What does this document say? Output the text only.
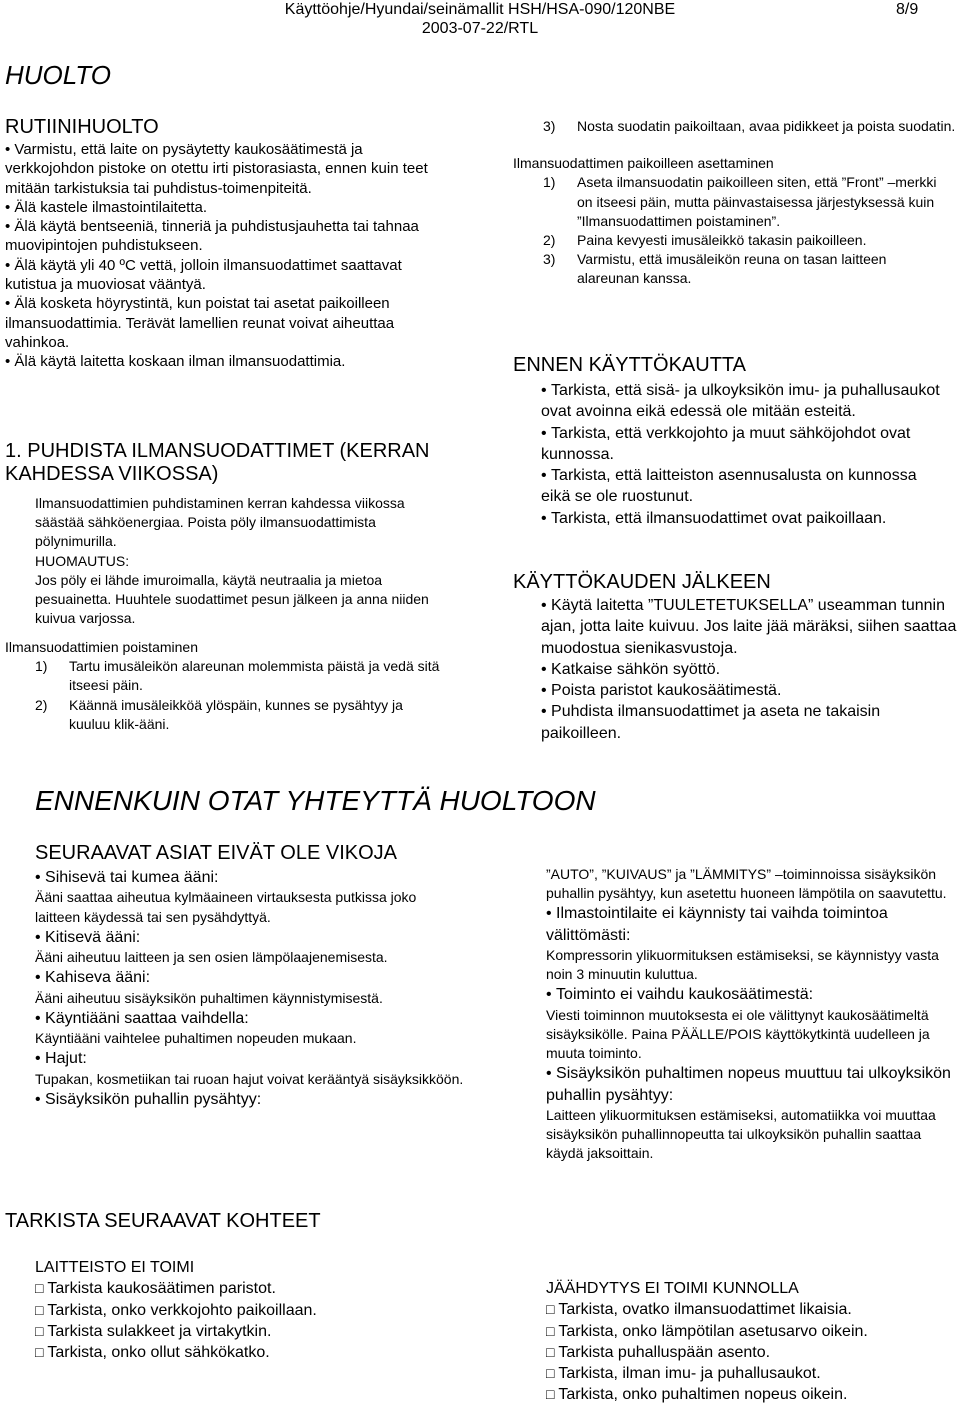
Käyttöohje/Hyundai/seinämallit HSH/HSA-090/120NBE
2003-07-22/RTL
8/9
HUOLTO
RUTIINIHUOLTO
• Varmistu, että laite on pysäytetty kaukosäätimestä ja verkkojohdon pistoke on otettu irti pistorasiasta, ennen kuin teet mitään tarkistuksia tai puhdistus-toimenpiteitä.
• Älä kastele ilmastointilaitetta.
• Älä käytä bentseeniä, tinneriä ja puhdistusjauhetta tai tahnaa muovipintojen puhdistukseen.
• Älä käytä yli 40 ºC vettä, jolloin ilmansuodattimet saattavat kutistua ja muoviosat vääntyä.
• Älä kosketa höyrystintä, kun poistat tai asetat paikoilleen ilmansuodattimia. Terävät lamellien reunat voivat aiheuttaa vahinkoa.
• Älä käytä laitetta koskaan ilman ilmansuodattimia.
1. PUHDISTA ILMANSUODATTIMET (KERRAN KAHDESSA VIIKOSSA)
Ilmansuodattimien puhdistaminen kerran kahdessa viikossa säästää sähköenergiaa. Poista pöly ilmansuodattimista pölynimurilla.
HUOMAUTUS:
Jos pöly ei lähde imuroimalla, käytä neutraalia ja mietoa pesuainetta. Huuhtele suodattimet pesun jälkeen ja anna niiden kuivua varjossa.
Ilmansuodattimien poistaminen
1)	Tartu imusäleikön alareunan molemmista päistä ja vedä sitä itseesi päin.
2)	Käännä imusäleikköä ylöspäin, kunnes se pysähtyy ja kuuluu klik-ääni.
3)	Nosta suodatin paikoiltaan, avaa pidikkeet ja poista suodatin.
Ilmansuodattimen paikoilleen asettaminen
1)	Aseta ilmansuodatin paikoilleen siten, että ”Front” –merkki on itseesi päin, mutta päinvastaisessa järjestyksessä kuin ”Ilmansuodattimen poistaminen”.
2)	Paina kevyesti imusäleikkö takasin paikoilleen.
3)	Varmistu, että imusäleikön reuna on tasan laitteen alareunan kanssa.
ENNEN KÄYTTÖKAUTTA
• Tarkista, että sisä- ja ulkoyksikön imu- ja puhallusaukot ovat avoinna eikä edessä ole mitään esteitä.
• Tarkista, että verkkojohto ja muut sähköjohdot ovat kunnossa.
• Tarkista, että laitteiston asennusalusta on kunnossa eikä se ole ruostunut.
• Tarkista, että ilmansuodattimet ovat paikoillaan.
KÄYTTÖKAUDEN JÄLKEEN
• Käytä laitetta ”TUULETETUKSELLA” useamman tunnin ajan, jotta laite kuivuu. Jos laite jää märäksi, siihen saattaa muodostua sienikasvustoja.
• Katkaise sähkön syöttö.
• Poista paristot kaukosäätimestä.
• Puhdista ilmansuodattimet ja aseta ne takaisin paikoilleen.
ENNENKUIN OTAT YHTEYTTÄ HUOLTOON
SEURAAVAT ASIAT EIVÄT OLE VIKOJA
• Sihisevä tai kumea ääni:
Ääni saattaa aiheutua kylmäaineen virtauksesta putkissa joko laitteen käydessä tai sen pysähdyttyä.
• Kitisevä ääni:
Ääni aiheutuu laitteen ja sen osien lämpölaajenemisesta.
• Kahiseva ääni:
Ääni aiheutuu sisäyksikön puhaltimen käynnistymisestä.
• Käyntiääni saattaa vaihdella:
Käyntiääni vaihtelee puhaltimen nopeuden mukaan.
• Hajut:
Tupakan, kosmetiikan tai ruoan hajut voivat kerääntyä sisäyksikköön.
• Sisäyksikön puhallin pysähtyy:
”AUTO”, ”KUIVAUS” ja ”LÄMMITYS” –toiminnoissa sisäyksikön puhallin pysähtyy, kun asetettu huoneen lämpötila on saavutettu.
• Ilmastointilaite ei käynnisty tai vaihda toimintoa välittömästi:
Kompressorin ylikuormituksen estämiseksi, se käynnistyy vasta noin 3 minuutin kuluttua.
• Toiminto ei vaihdu kaukosäätimestä:
Viesti toiminnon muutoksesta ei ole välittynyt kaukosäätimeltä sisäyksikölle. Paina PÄÄLLE/POIS käyttökytkintä uudelleen ja muuta toiminto.
• Sisäyksikön puhaltimen nopeus muuttuu tai ulkoyksikön puhallin pysähtyy:
Laitteen ylikuormituksen estämiseksi, automatiikka voi muuttaa sisäyksikön puhallinnopeutta tai ulkoyksikön puhallin saattaa käydä jaksoittain.
TARKISTA SEURAAVAT KOHTEET
LAITTEISTO EI TOIMI
□ Tarkista kaukosäätimen paristot.
□ Tarkista, onko verkkojohto paikoillaan.
□ Tarkista sulakkeet ja virtakytkin.
□ Tarkista, onko ollut sähkökatko.
JÄÄHDYTYS EI TOIMI KUNNOLLA
□ Tarkista, ovatko ilmansuodattimet likaisia.
□ Tarkista, onko lämpötilan asetusarvo oikein.
□ Tarkista puhalluspään asento.
□ Tarkista, ilman imu- ja puhallusaukot.
□ Tarkista, onko puhaltimen nopeus oikein.
